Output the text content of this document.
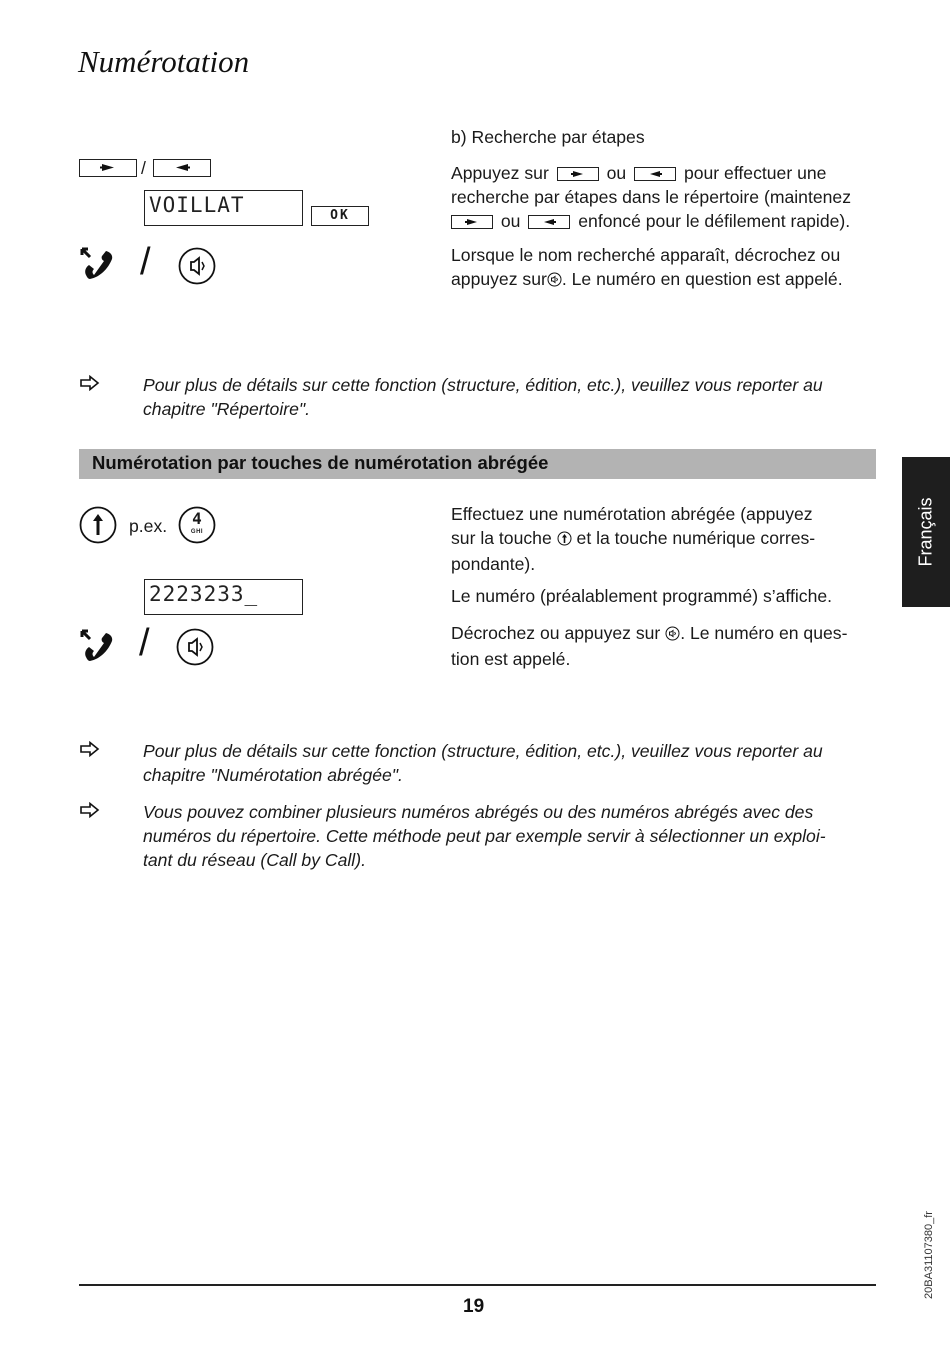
Numérotation
Français
/
VOILLAT	OK
/
b) Recherche par étapes
Appuyez sur	ou	pour effectuer une
recherche par étapes dans le répertoire (maintenez
ou	enfoncé pour le défilement rapide).
Lorsque le nom recherché apparaît, décrochez ou
appuyez sur . Le numéro en question est appelé.
Pour plus de détails sur cette fonction (structure, édition, etc.), veuillez vous reporter au
chapitre "Répertoire".
Numérotation par touches de numérotation abrégée
p.ex.	4
GHI
2223233_
/
Effectuez une numérotation abrégée (appuyez
sur la touche et la touche numérique corres-
pondante).
Le numéro (préalablement programmé) s’affiche.
Décrochez ou appuyez sur . Le numéro en ques-
tion est appelé.
Pour plus de détails sur cette fonction (structure, édition, etc.), veuillez vous reporter au
chapitre "Numérotation abrégée".
Vous pouvez combiner plusieurs numéros abrégés ou des numéros abrégés avec des
numéros du répertoire. Cette méthode peut par exemple servir à sélectionner un exploi-
tant du réseau (Call by Call).
20BA31107380_fr
19
